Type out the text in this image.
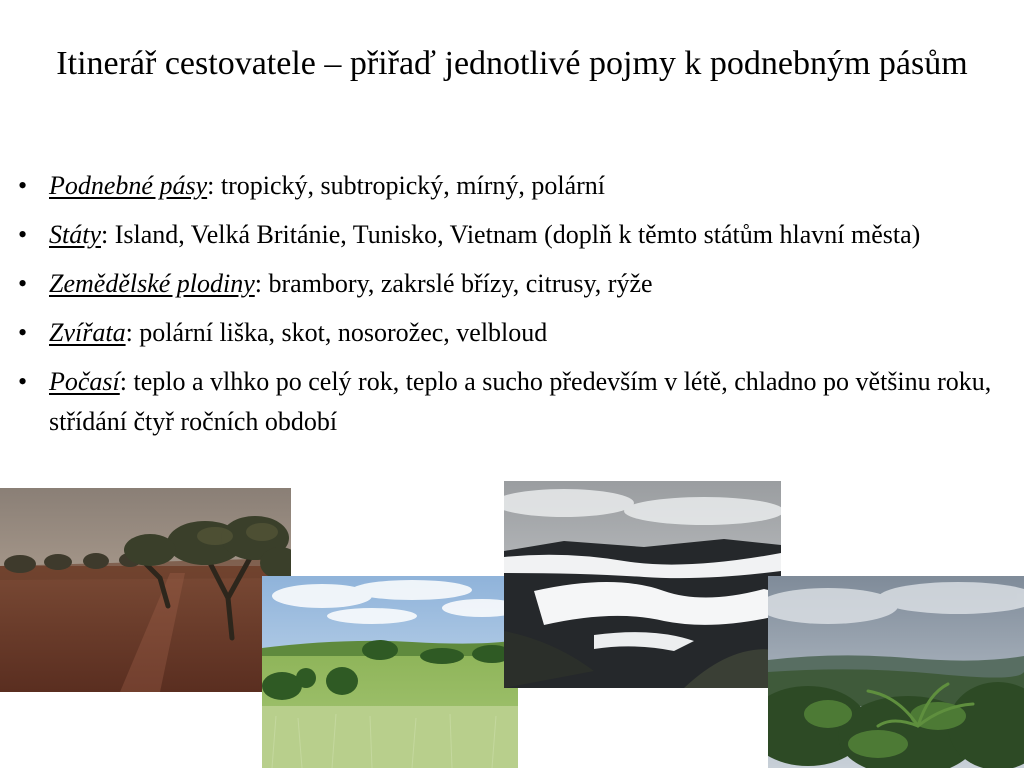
Itinerář cestovatele – přiřaď jednotlivé pojmy k podnebným pásům
• Podnebné pásy: tropický, subtropický, mírný, polární
• Státy: Island, Velká Británie, Tunisko, Vietnam (doplň k těmto státům hlavní města)
• Zemědělské plodiny: brambory, zakrslé břízy, citrusy, rýže
• Zvířata: polární liška, skot, nosorožec, velbloud
• Počasí: teplo a vlhko po celý rok, teplo a sucho především v létě, chladno po většinu roku, střídání čtyř ročních období
